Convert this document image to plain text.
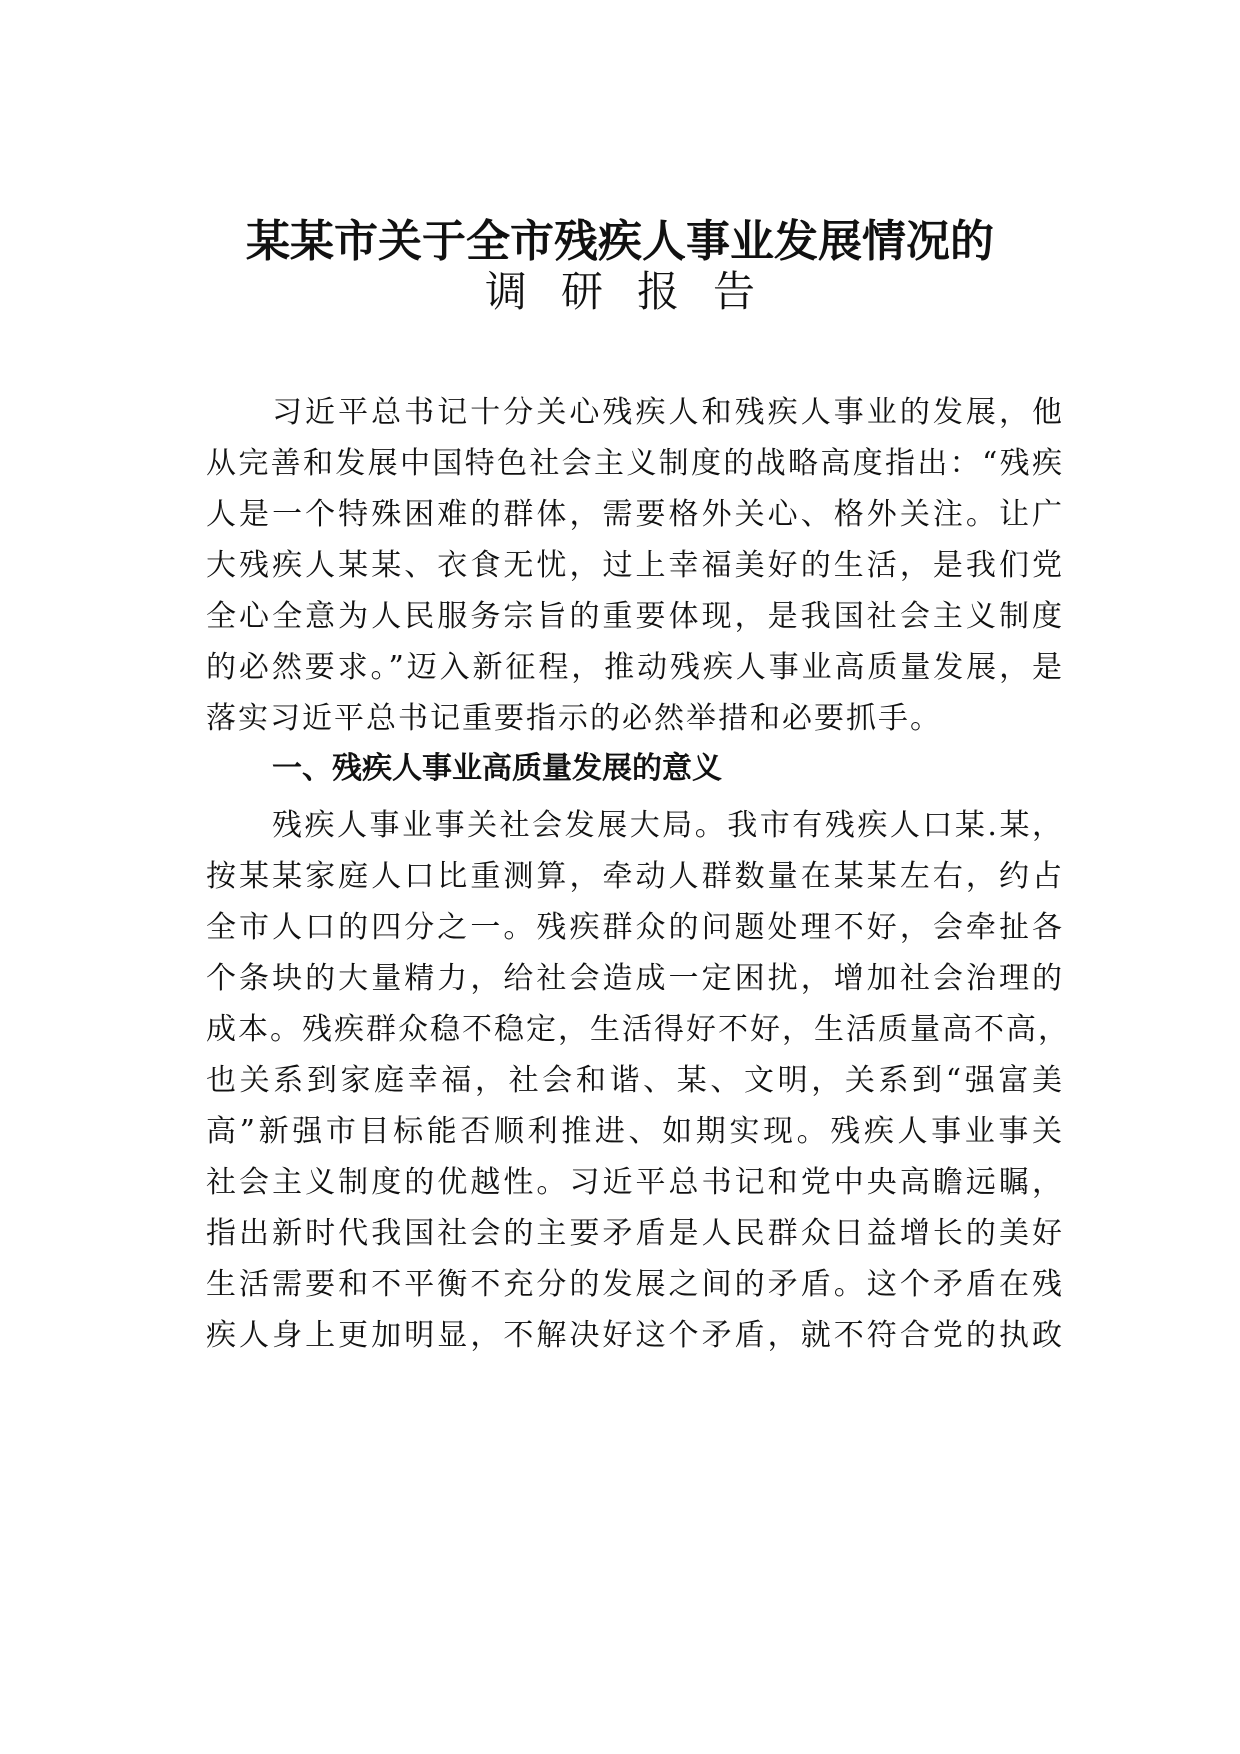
某某市关于全市残疾人事业发展情况的
调研报告
习近平总书记十分关心残疾人和残疾人事业的发展，他
从完善和发展中国特色社会主义制度的战略高度指出：“残疾
人是一个特殊困难的群体，需要格外关心、格外关注。让广
大残疾人某某、衣食无忧，过上幸福美好的生活，是我们党
全心全意为人民服务宗旨的重要体现，是我国社会主义制度
的必然要求。”迈入新征程，推动残疾人事业高质量发展，是
落实习近平总书记重要指示的必然举措和必要抓手。
一、残疾人事业高质量发展的意义
残疾人事业事关社会发展大局。我市有残疾人口某.某，
按某某家庭人口比重测算，牵动人群数量在某某左右，约占
全市人口的四分之一。残疾群众的问题处理不好，会牵扯各
个条块的大量精力，给社会造成一定困扰，增加社会治理的
成本。残疾群众稳不稳定，生活得好不好，生活质量高不高，
也关系到家庭幸福，社会和谐、某、文明，关系到“强富美
高”新强市目标能否顺利推进、如期实现。残疾人事业事关
社会主义制度的优越性。习近平总书记和党中央高瞻远瞩，
指出新时代我国社会的主要矛盾是人民群众日益增长的美好
生活需要和不平衡不充分的发展之间的矛盾。这个矛盾在残
疾人身上更加明显，不解决好这个矛盾，就不符合党的执政
